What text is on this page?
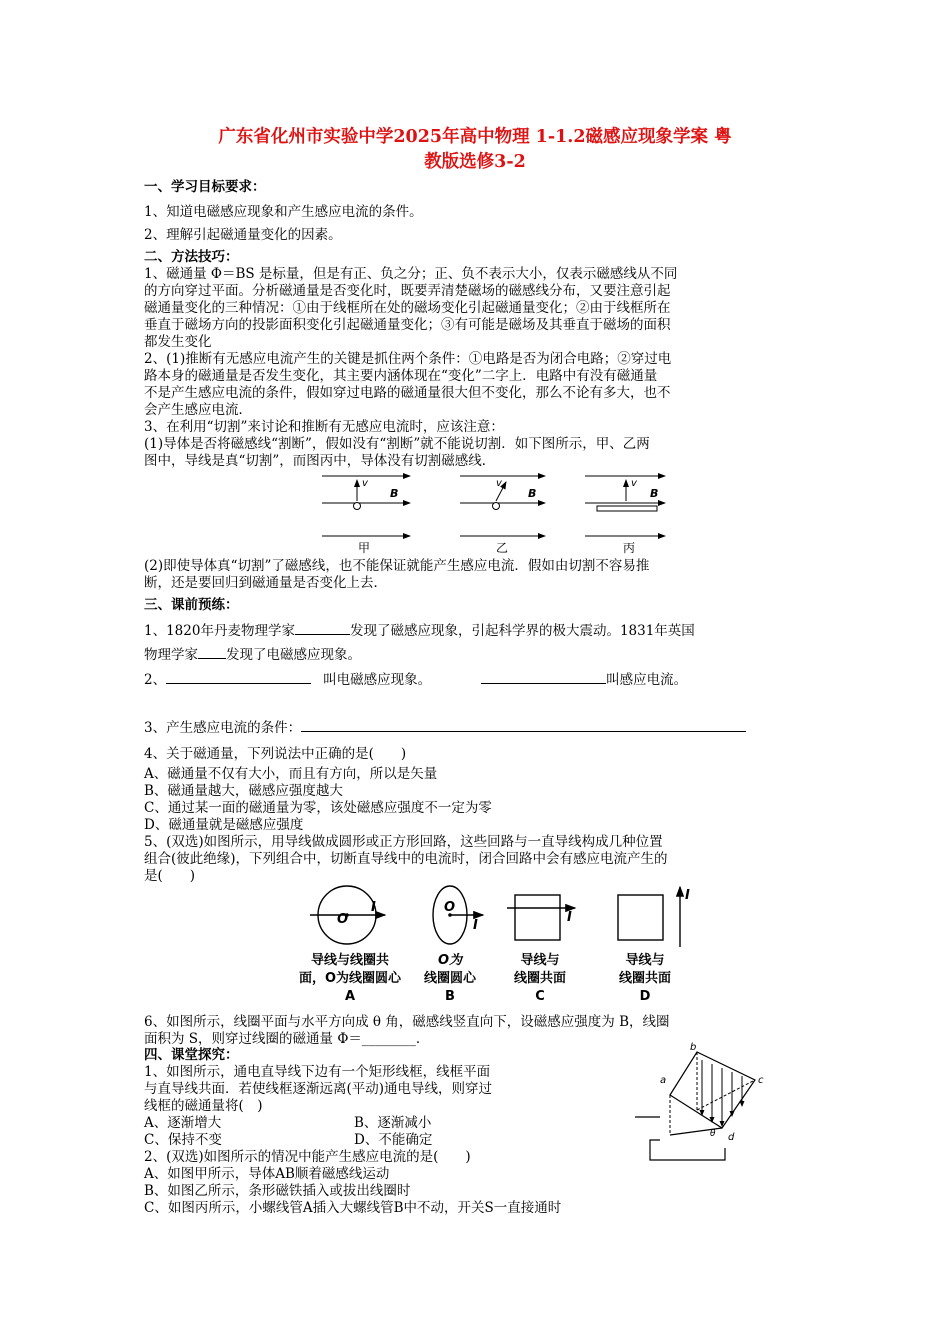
广东省化州市实验中学2025年高中物理 1-1.2磁感应现象学案 粤
教版选修3-2
一、学习目标要求：
1、知道电磁感应现象和产生感应电流的条件。
2、理解引起磁通量变化的因素。
二、方法技巧：
1、磁通量 Φ＝BS 是标量，但是有正、负之分；正、负不表示大小，仅表示磁感线从不同
的方向穿过平面。分析磁通量是否变化时，既要弄清楚磁场的磁感线分布，又要注意引起
磁通量变化的三种情况：①由于线框所在处的磁场变化引起磁通量变化；②由于线框所在
垂直于磁场方向的投影面积变化引起磁通量变化；③有可能是磁场及其垂直于磁场的面积
都发生变化
2、(1)推断有无感应电流产生的关键是抓住两个条件：①电路是否为闭合电路；②穿过电
路本身的磁通量是否发生变化，其主要内涵体现在“变化”二字上．电路中有没有磁通量
不是产生感应电流的条件，假如穿过电路的磁通量很大但不变化，那么不论有多大，也不
会产生感应电流．
3、在利用“切割”来讨论和推断有无感应电流时，应该注意：
(1)导体是否将磁感线“割断”，假如没有“割断”就不能说切割．如下图所示，甲、乙两
图中，导线是真“切割”，而图丙中，导体没有切割磁感线．
v
B
v
B
v
B
甲	乙	丙
(2)即使导体真“切割”了磁感线，也不能保证就能产生感应电流．假如由切割不容易推
断，还是要回归到磁通量是否变化上去．
三、课前预练：
1、1820年丹麦物理学家	发现了磁感应现象，引起科学界的极大震动。1831年英国
物理学家 发现了电磁感应现象。
2、	叫电磁感应现象。	叫感应电流。
3、产生感应电流的条件：
4、关于磁通量，下列说法中正确的是(　　)
A、磁通量不仅有大小，而且有方向，所以是矢量
B、磁通量越大，磁感应强度越大
C、通过某一面的磁通量为零，该处磁感应强度不一定为零
D、磁通量就是磁感应强度
5、(双选)如图所示，用导线做成圆形或正方形回路，这些回路与一直导线构成几种位置
组合(彼此绝缘)，下列组合中，切断直导线中的电流时，闭合回路中会有感应电流产生的
是(　　)
O
I	O
I
I
I
导线与线圈共
面，O为线圈圆心
A
O为
线圈圆心
B
导线与
线圈共面
C
导线与
线圈共面
D
6、如图所示，线圈平面与水平方向成 θ 角，磁感线竖直向下，设磁感应强度为 B，线圈
面积为 S，则穿过线圈的磁通量 Φ＝________．
四、课堂探究：
1、如图所示，通电直导线下边有一个矩形线框，线框平面
与直导线共面．若使线框逐渐远离(平动)通电导线，则穿过
线框的磁通量将(　)
A、逐渐增大	B、逐渐减小
C、保持不变	D、不能确定
2、(双选)如图所示的情况中能产生感应电流的是(　　)
A、如图甲所示，导体AB顺着磁感线运动
B、如图乙所示，条形磁铁插入或拔出线圈时
C、如图丙所示，小螺线管A插入大螺线管B中不动，开关S一直接通时
a
b
c
d
θ
